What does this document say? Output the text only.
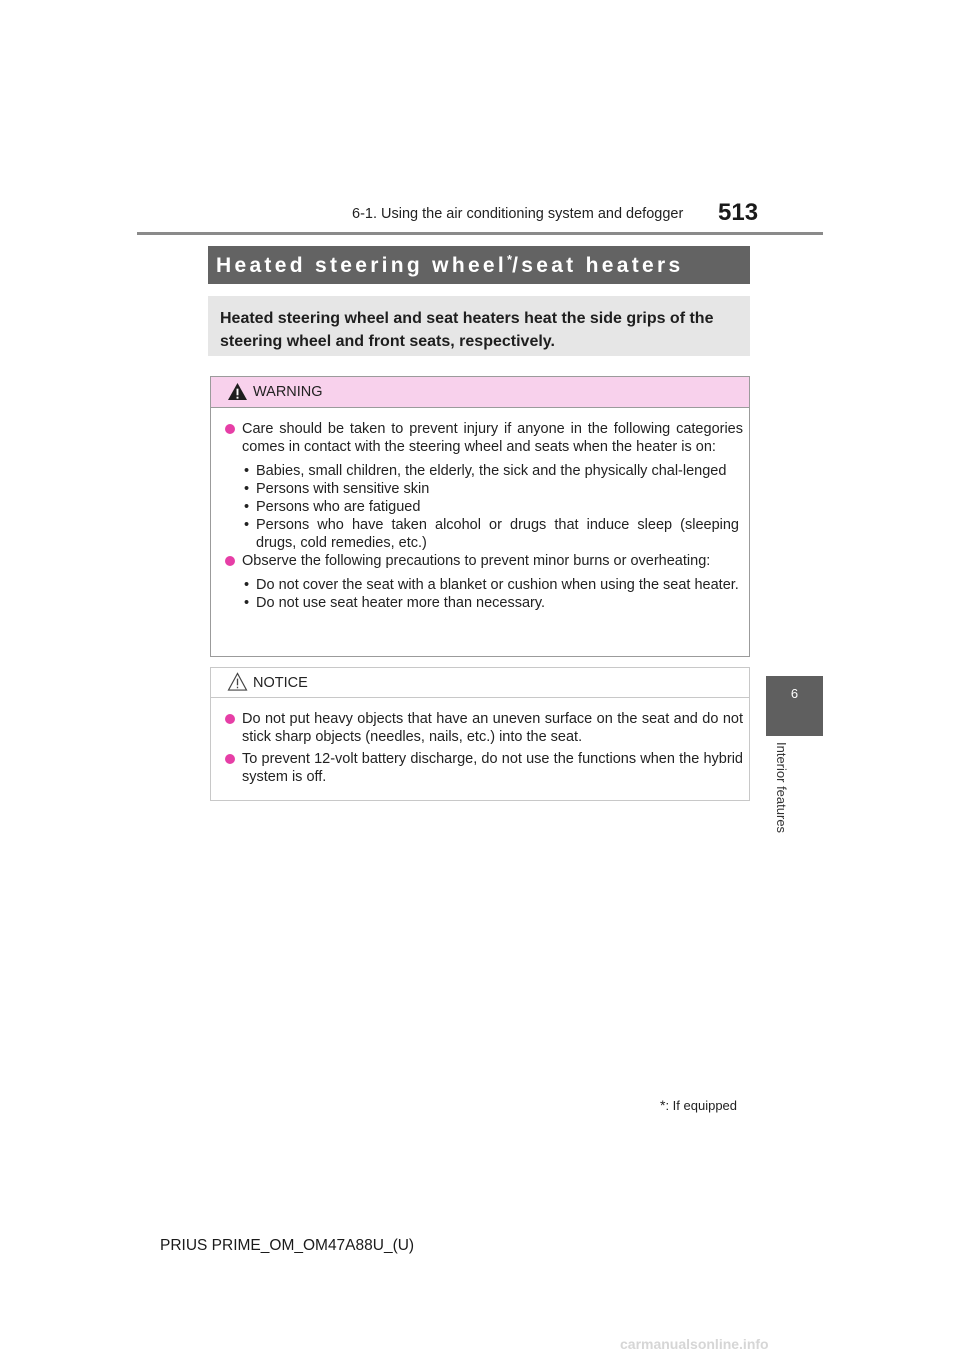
6-1. Using the air conditioning system and defogger 513
6
Interior features
Heated steering wheel*/seat heaters
Heated steering wheel and seat heaters heat the side grips of the steering wheel and front seats, respectively.
WARNING
Care should be taken to prevent injury if anyone in the following categories comes in contact with the steering wheel and seats when the heater is on:
• Babies, small children, the elderly, the sick and the physically chal-lenged
• Persons with sensitive skin
• Persons who are fatigued
• Persons who have taken alcohol or drugs that induce sleep (sleeping drugs, cold remedies, etc.)
Observe the following precautions to prevent minor burns or overheating:
• Do not cover the seat with a blanket or cushion when using the seat heater.
• Do not use seat heater more than necessary.
NOTICE
Do not put heavy objects that have an uneven surface on the seat and do not stick sharp objects (needles, nails, etc.) into the seat.
To prevent 12-volt battery discharge, do not use the functions when the hybrid system is off.
*: If equipped
PRIUS PRIME_OM_OM47A88U_(U)
carmanualsonline.info
